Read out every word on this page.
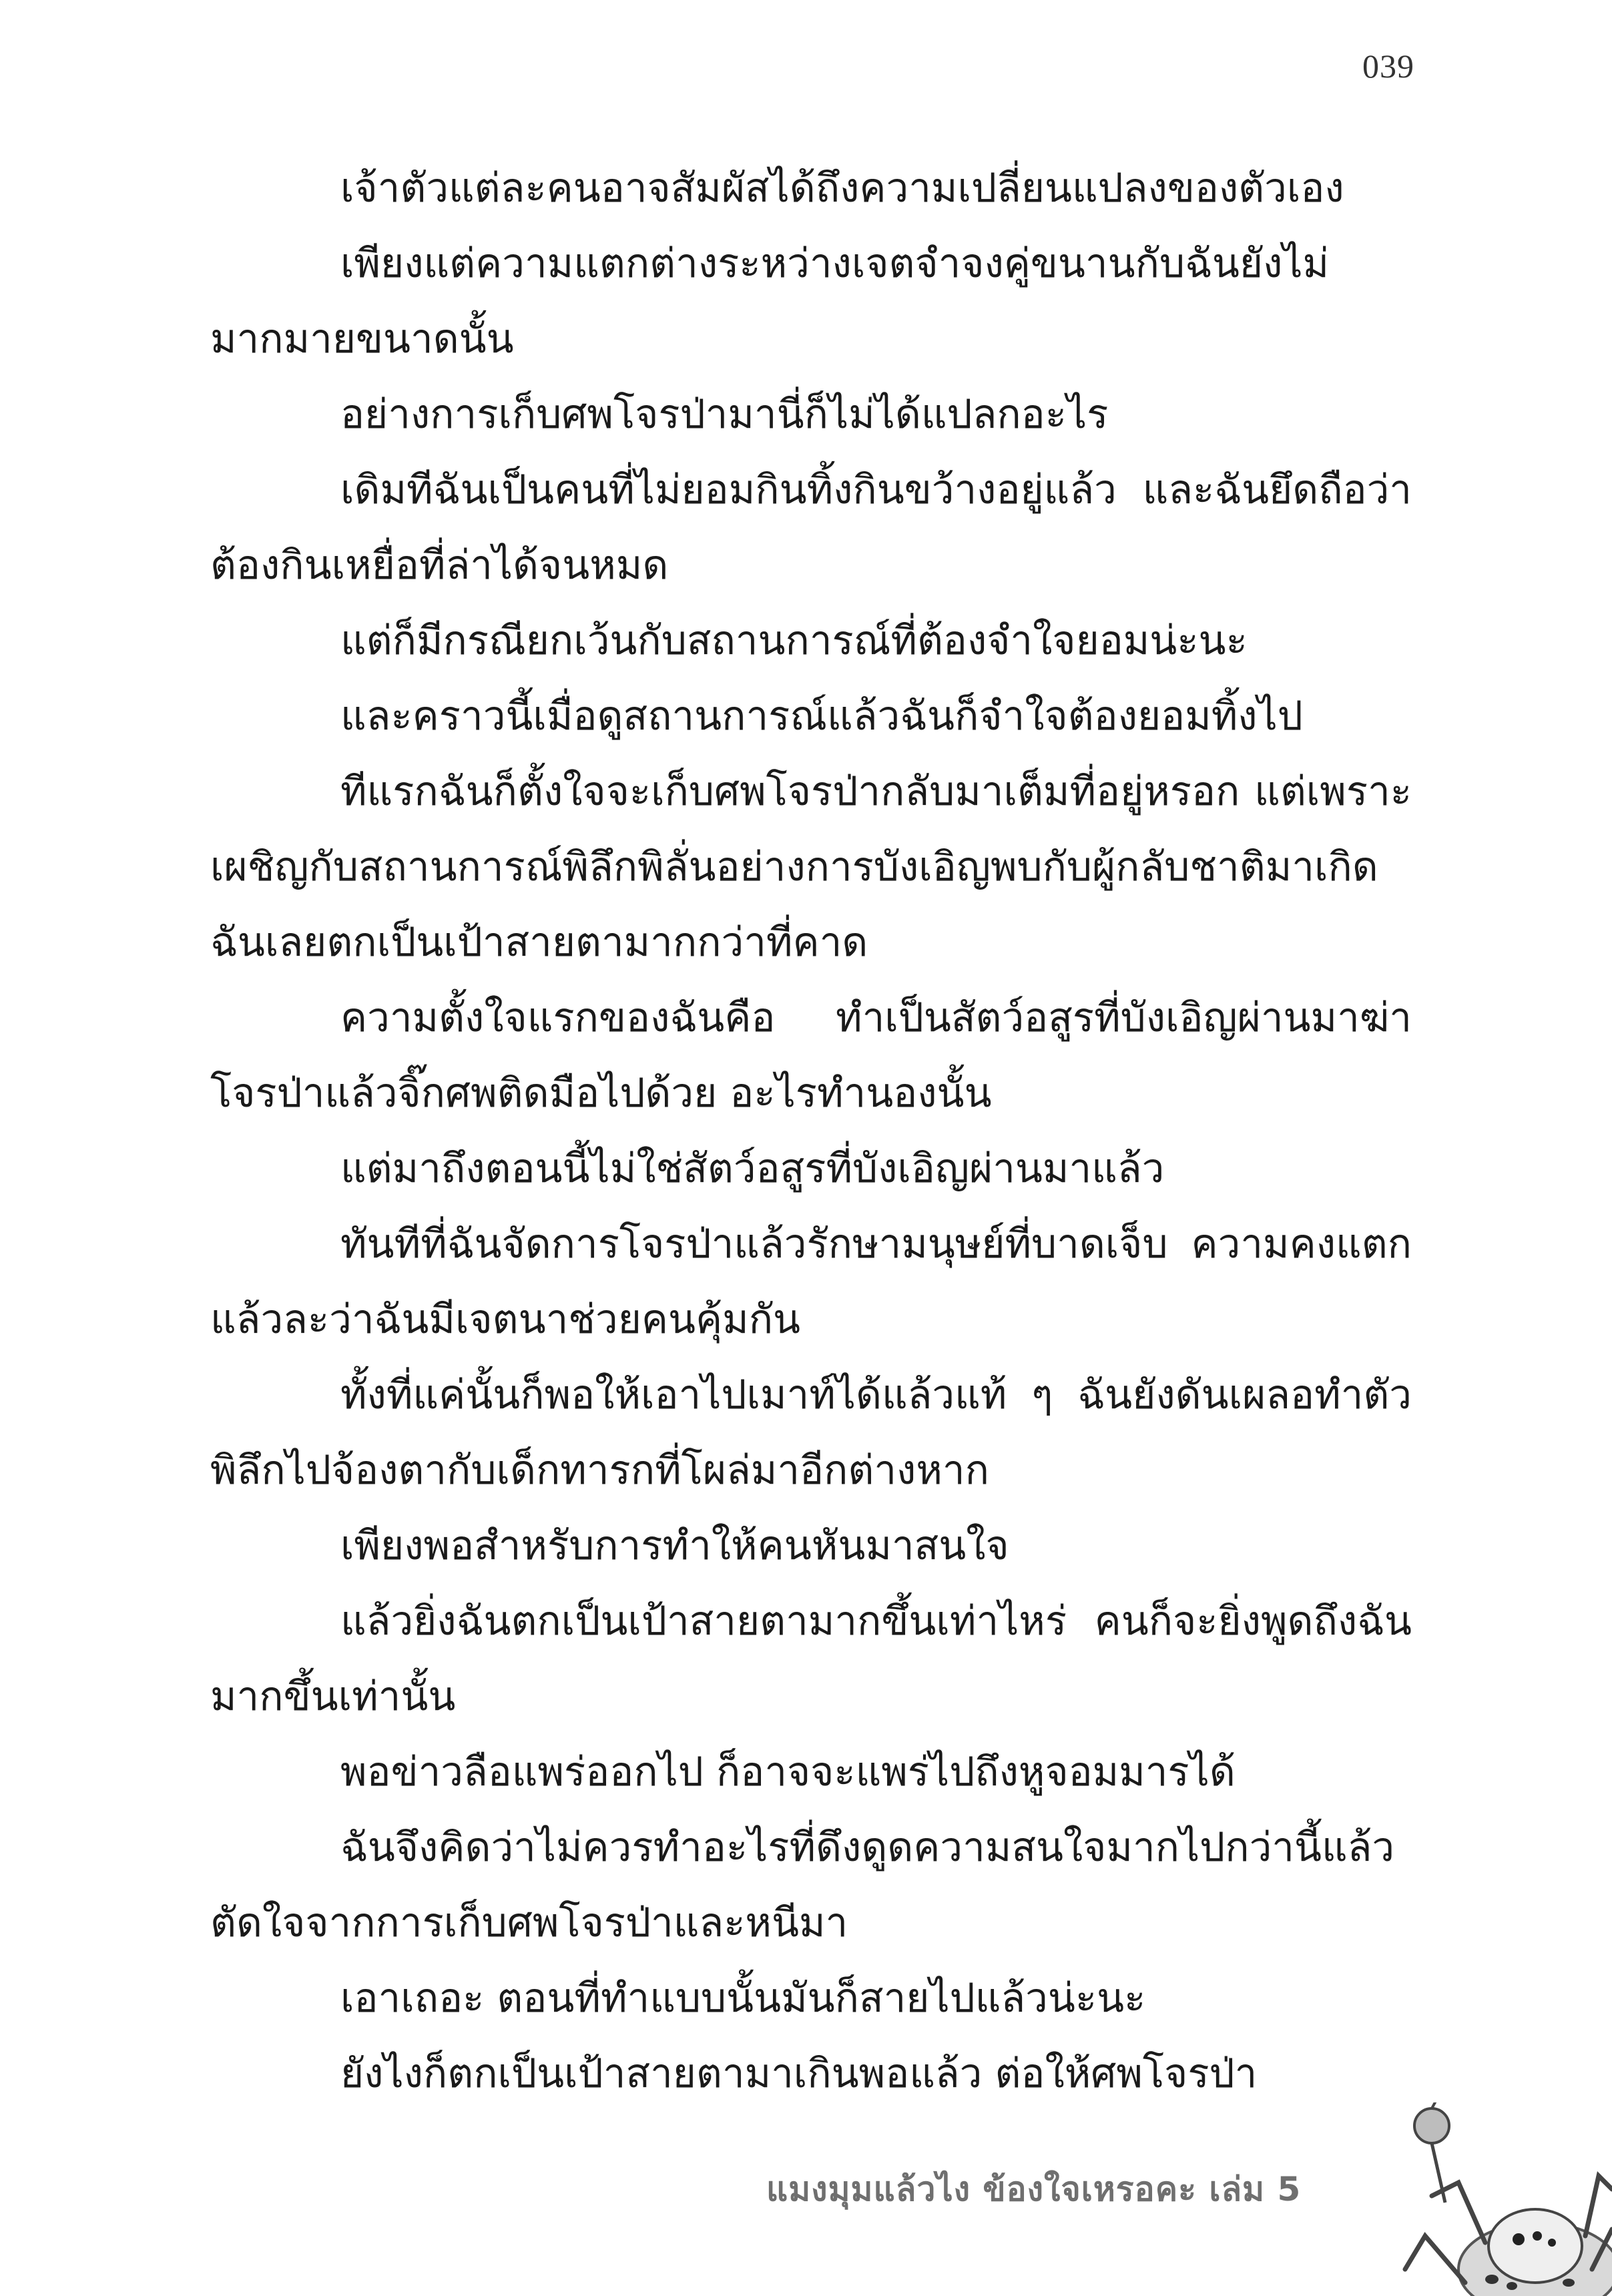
039

เจ้าตัวแต่ละคนอาจสัมผัสได้ถึงความเปลี่ยนแปลงของตัวเอง

เพียงแต่ความแตกต่างระหว่างเจตจำจงคู่ขนานกับฉันยังไม่มากมายขนาดนั้น

อย่างการเก็บศพโจรป่ามานี่ก็ไม่ได้แปลกอะไร

เดิมทีฉันเป็นคนที่ไม่ยอมกินทิ้งกินขว้างอยู่แล้ว และฉันยึดถือว่าต้องกินเหยื่อที่ล่าได้จนหมด

แต่ก็มีกรณียกเว้นกับสถานการณ์ที่ต้องจำใจยอมน่ะนะ

และคราวนี้เมื่อดูสถานการณ์แล้วฉันก็จำใจต้องยอมทิ้งไป

ทีแรกฉันก็ตั้งใจจะเก็บศพโจรป่ากลับมาเต็มที่อยู่หรอก แต่เพราะเผชิญกับสถานการณ์พิลึกพิลั่นอย่างการบังเอิญพบกับผู้กลับชาติมาเกิด ฉันเลยตกเป็นเป้าสายตามากกว่าที่คาด

ความตั้งใจแรกของฉันคือ ทำเป็นสัตว์อสูรที่บังเอิญผ่านมาฆ่าโจรป่าแล้วจิ๊กศพติดมือไปด้วย อะไรทำนองนั้น

แต่มาถึงตอนนี้ไม่ใช่สัตว์อสูรที่บังเอิญผ่านมาแล้ว

ทันทีที่ฉันจัดการโจรป่าแล้วรักษามนุษย์ที่บาดเจ็บ ความคงแตกแล้วละว่าฉันมีเจตนาช่วยคนคุ้มกัน

ทั้งที่แค่นั้นก็พอให้เอาไปเมาท์ได้แล้วแท้ ๆ ฉันยังดันเผลอทำตัวพิลึกไปจ้องตากับเด็กทารกที่โผล่มาอีกต่างหาก

เพียงพอสำหรับการทำให้คนหันมาสนใจ

แล้วยิ่งฉันตกเป็นเป้าสายตามากขึ้นเท่าไหร่ คนก็จะยิ่งพูดถึงฉันมากขึ้นเท่านั้น

พอข่าวลือแพร่ออกไป ก็อาจจะแพร่ไปถึงหูจอมมารได้

ฉันจึงคิดว่าไม่ควรทำอะไรที่ดึงดูดความสนใจมากไปกว่านี้แล้วตัดใจจากการเก็บศพโจรป่าและหนีมา

เอาเถอะ ตอนที่ทำแบบนั้นมันก็สายไปแล้วน่ะนะ

ยังไงก็ตกเป็นเป้าสายตามาเกินพอแล้ว ต่อให้ศพโจรป่า

แมงมุมแล้วไง ข้องใจเหรอคะ เล่ม 5
